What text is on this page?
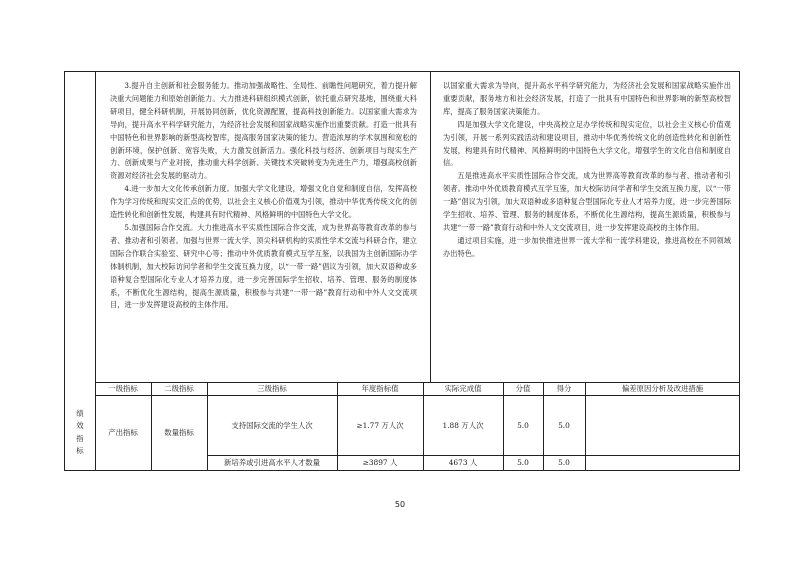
3.提升自主创新和社会服务能力。推动加强战略性、全局性、前瞻性问题研究，着力提升解决重大问题能力和原始创新能力。大力推进科研组织模式创新，依托重点研究基地，围绕重大科研项目，健全科研机制，开展协同创新，优化资源配置，提高科技创新能力。以国家重大需求为导向，提升高水平科学研究能力，为经济社会发展和国家战略实施作出重要贡献。打造一批具有中国特色和世界影响的新型高校智库，提高服务国家决策的能力。营造浓厚的学术氛围和宽松的创新环境，保护创新、宽容失败，大力激发创新活力。强化科技与经济、创新项目与现实生产力、创新成果与产业对接，推动重大科学创新、关键技术突破转变为先进生产力，增强高校创新资源对经济社会发展的驱动力。

4.进一步加大文化传承创新力度。加强大学文化建设，增强文化自觉和制度自信，发挥高校作为学习传统和现实交汇点的优势，以社会主义核心价值观为引领，推动中华优秀传统文化的创造性转化和创新性发展，构建具有时代精神、风格鲜明的中国特色大学文化。

5.加强国际合作交流。大力推进高水平实质性国际合作交流，成为世界高等教育改革的参与者、推动者和引领者。加强与世界一流大学、顶尖科研机构的实质性学术交流与科研合作，建立国际合作联合实验室、研究中心等；推动中外优质教育模式互学互鉴，以我国为主创新国际办学体制机制，加大校际访问学者和学生交流互换力度，以“一带一路”倡议为引领，加大双语种或多语种复合型国际化专业人才培养力度，进一步完善国际学生招收、培养、管理、服务的制度体系，不断优化生源结构，提高生源质量，积极参与共建“一带一路”教育行动和中外人文交流项目，进一步发挥建设高校的主体作用。

以国家重大需求为导向，提升高水平科学研究能力，为经济社会发展和国家战略实施作出重要贡献，服务地方和社会经济发展，打造了一批具有中国特色和世界影响的新型高校智库，提高了服务国家决策能力。

四是加强大学文化建设，中央高校立足办学传统和现实定位，以社会主义核心价值观为引领，开展一系列实践活动和建设项目，推动中华优秀传统文化的创造性转化和创新性发展，构建具有时代精神、风格鲜明的中国特色大学文化，增强学生的文化自信和制度自信。

五是推进高水平实质性国际合作交流，成为世界高等教育改革的参与者、推动者和引领者。推动中外优质教育模式互学互鉴，加大校际访问学者和学生交流互换力度，以“一带一路”倡议为引领，加大双语种或多语种复合型国际化专业人才培养力度，进一步完善国际学生招收、培养、管理、服务的制度体系，不断优化生源结构，提高生源质量，积极参与共建“一带一路”教育行动和中外人文交流项目，进一步发挥建设高校的主体作用。

通过项目实施，进一步加快推进世界一流大学和一流学科建设，推进高校在不同领域办出特色。

一级指标	二级指标	三级指标	年度指标值	实际完成值	分值	得分	偏差原因分析及改进措施
绩
效
指
标
产出指标	数量指标
支持国际交流的学生人次	≥1.77 万人次	1.88 万人次	5.0	5.0
新培养或引进高水平人才数量	≥3897 人	4673 人	5.0	5.0
50
